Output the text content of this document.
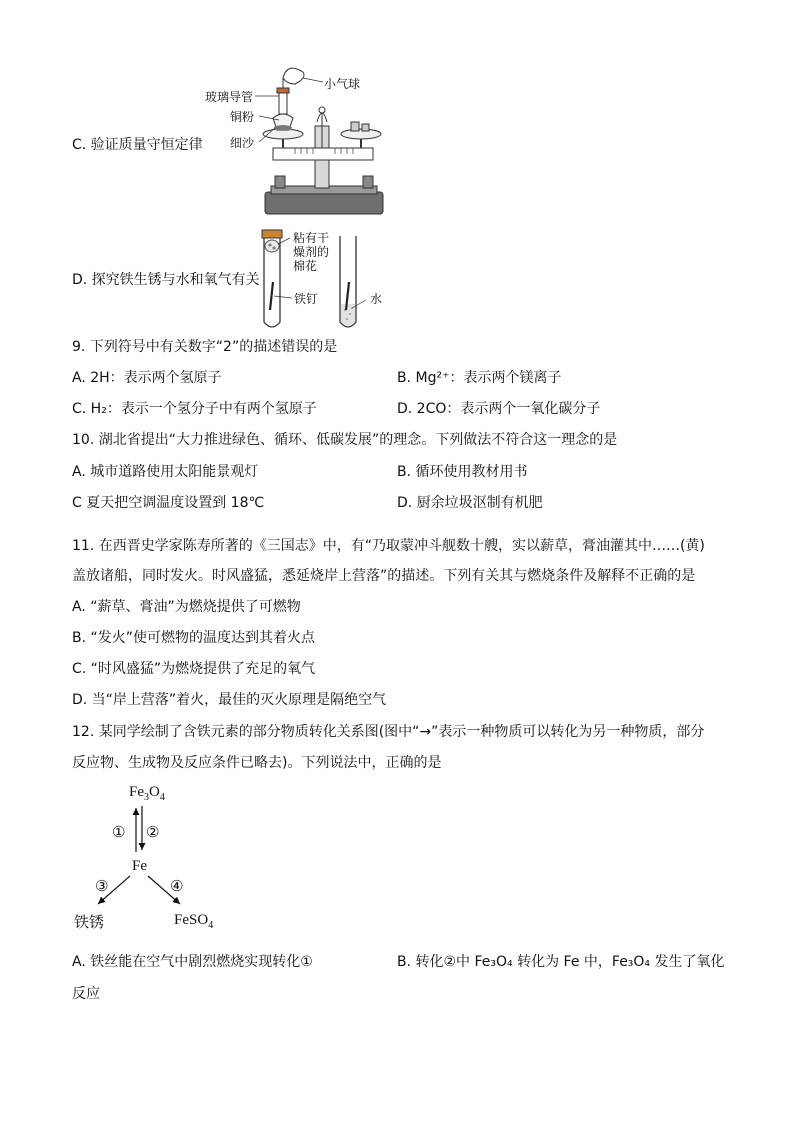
C. 验证质量守恒定律
小气球
玻璃导管
铜粉
细沙
D. 探究铁生锈与水和氧气有关
粘有干
燥剂的
棉花
铁钉	水
9. 下列符号中有关数字“2”的描述错误的是
A. 2H：表示两个氢原子	B. Mg²⁺：表示两个镁离子
C. H₂：表示一个氢分子中有两个氢原子	D. 2CO：表示两个一氧化碳分子
10. 湖北省提出“大力推进绿色、循环、低碳发展”的理念。下列做法不符合这一理念的是
A. 城市道路使用太阳能景观灯	B. 循环使用教材用书
C 夏天把空调温度设置到 18℃	D. 厨余垃圾沤制有机肥
11. 在西晋史学家陈寿所著的《三国志》中，有“乃取蒙冲斗舰数十艘，实以薪草，膏油灌其中……(黄)
盖放诸船，同时发火。时风盛猛，悉延烧岸上营落”的描述。下列有关其与燃烧条件及解释不正确的是
A. “薪草、膏油”为燃烧提供了可燃物
B. “发火”使可燃物的温度达到其着火点
C. “时风盛猛”为燃烧提供了充足的氧气
D. 当“岸上营落”着火，最佳的灭火原理是隔绝空气
12. 某同学绘制了含铁元素的部分物质转化关系图(图中“→”表示一种物质可以转化为另一种物质，部分
反应物、生成物及反应条件已略去)。下列说法中，正确的是
$Fe_3O_4$
Fe
铁锈	FeSO$_4$
① ②
③	④
A. 铁丝能在空气中剧烈燃烧实现转化①	B. 转化②中 Fe₃O₄ 转化为 Fe 中，Fe₃O₄ 发生了氧化
反应
